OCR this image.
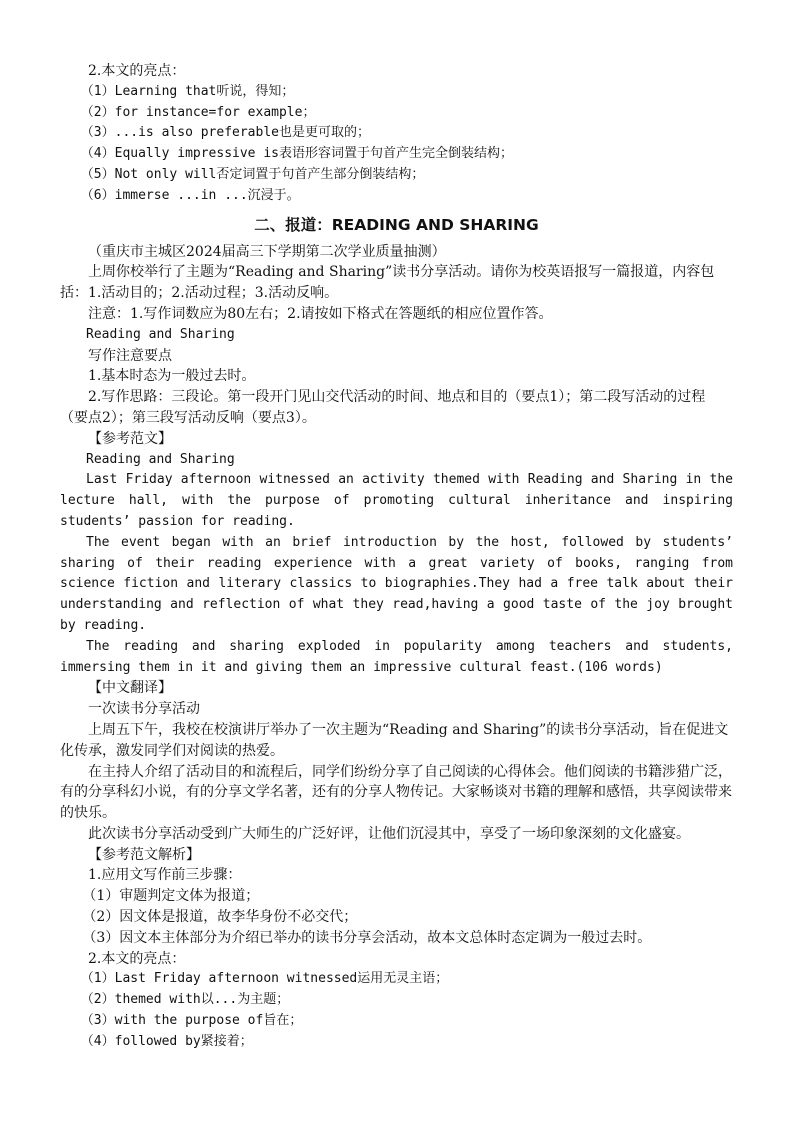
2.本文的亮点：

（1）Learning that听说，得知；

（2）for instance=for example；

（3）...is also preferable也是更可取的；

（4）Equally impressive is表语形容词置于句首产生完全倒装结构；

（5）Not only will否定词置于句首产生部分倒装结构；

（6）immerse ...in ...沉浸于。

二、报道：READING AND SHARING

（重庆市主城区2024届高三下学期第二次学业质量抽测）

上周你校举行了主题为“Reading and Sharing”读书分享活动。请你为校英语报写一篇报道，内容包括：1.活动目的；2.活动过程；3.活动反响。

注意：1.写作词数应为80左右；2.请按如下格式在答题纸的相应位置作答。

Reading and Sharing

写作注意要点

1.基本时态为一般过去时。

2.写作思路：三段论。第一段开门见山交代活动的时间、地点和目的（要点1）；第二段写活动的过程（要点2）；第三段写活动反响（要点3）。

【参考范文】

Reading and Sharing

Last Friday afternoon witnessed an activity themed with Reading and Sharing in the lecture hall, with the purpose of promoting cultural inheritance and inspiring students’ passion for reading.

The event began with an brief introduction by the host, followed by students’ sharing of their reading experience with a great variety of books, ranging from science fiction and literary classics to biographies.They had a free talk about their understanding and reflection of what they read,having a good taste of the joy brought by reading.

The reading and sharing exploded in popularity among teachers and students, immersing them in it and giving them an impressive cultural feast.(106 words)

【中文翻译】

一次读书分享活动

上周五下午，我校在校演讲厅举办了一次主题为“Reading and Sharing”的读书分享活动，旨在促进文化传承，激发同学们对阅读的热爱。

在主持人介绍了活动目的和流程后，同学们纷纷分享了自己阅读的心得体会。他们阅读的书籍涉猎广泛，有的分享科幻小说，有的分享文学名著，还有的分享人物传记。大家畅谈对书籍的理解和感悟，共享阅读带来的快乐。

此次读书分享活动受到广大师生的广泛好评，让他们沉浸其中，享受了一场印象深刻的文化盛宴。

【参考范文解析】

1.应用文写作前三步骤：

（1）审题判定文体为报道；

（2）因文体是报道，故李华身份不必交代；

（3）因文本主体部分为介绍已举办的读书分享会活动，故本文总体时态定调为一般过去时。

2.本文的亮点：

（1）Last Friday afternoon witnessed运用无灵主语；

（2）themed with以...为主题；

（3）with the purpose of旨在；

（4）followed by紧接着；
